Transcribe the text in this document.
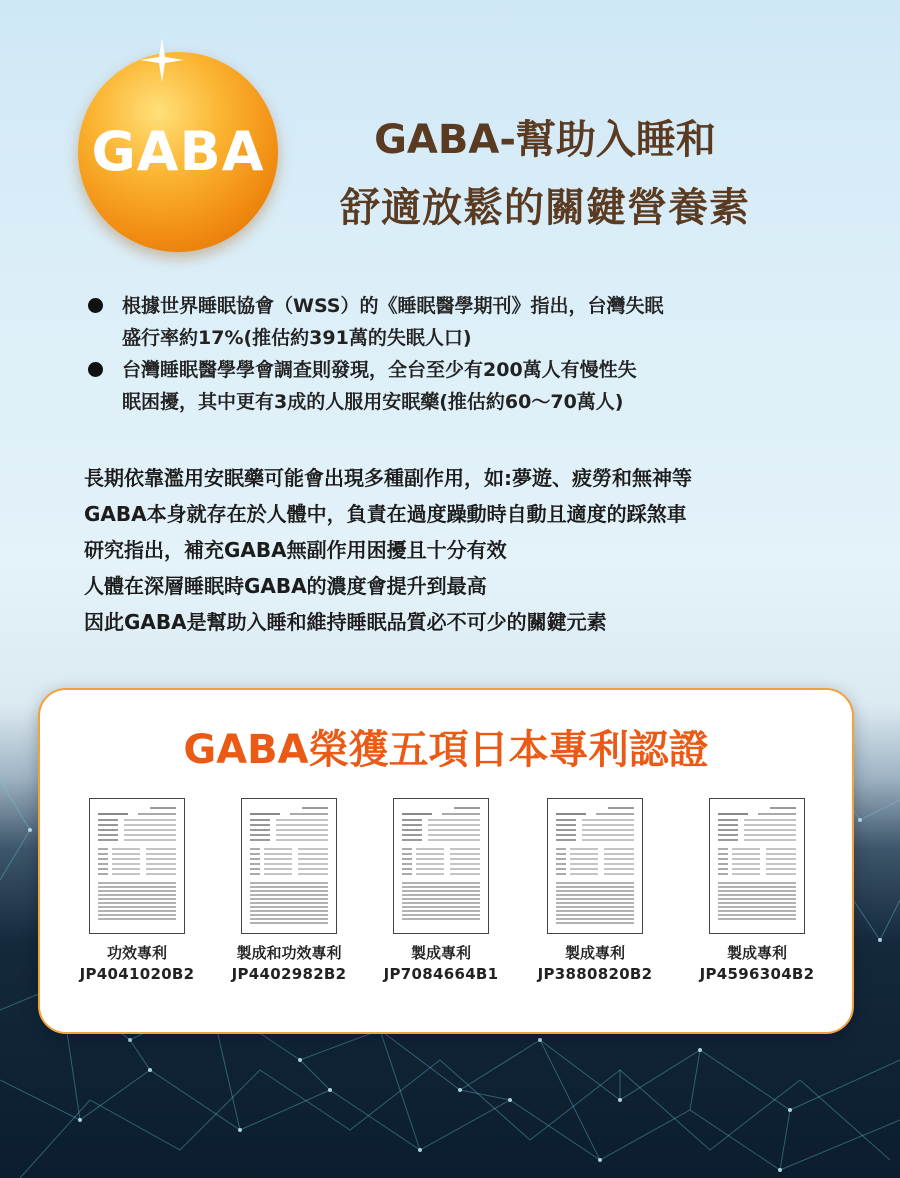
GABA	GABA-幫助入睡和
舒適放鬆的關鍵營養素
根據世界睡眠協會（WSS）的《睡眠醫學期刊》指出，台灣失眠
盛行率約17%(推估約391萬的失眠人口)
台灣睡眠醫學學會調查則發現，全台至少有200萬人有慢性失
眠困擾，其中更有3成的人服用安眠藥(推估約60～70萬人)
長期依靠濫用安眠藥可能會出現多種副作用，如:夢遊、疲勞和無神等
GABA本身就存在於人體中，負責在過度躁動時自動且適度的踩煞車
研究指出，補充GABA無副作用困擾且十分有效
人體在深層睡眠時GABA的濃度會提升到最高
因此GABA是幫助入睡和維持睡眠品質必不可少的關鍵元素
GABA榮獲五項日本專利認證
功效專利
JP4041020B2
製成和功效專利
JP4402982B2
製成專利
JP7084664B1
製成專利
JP3880820B2
製成專利
JP4596304B2
